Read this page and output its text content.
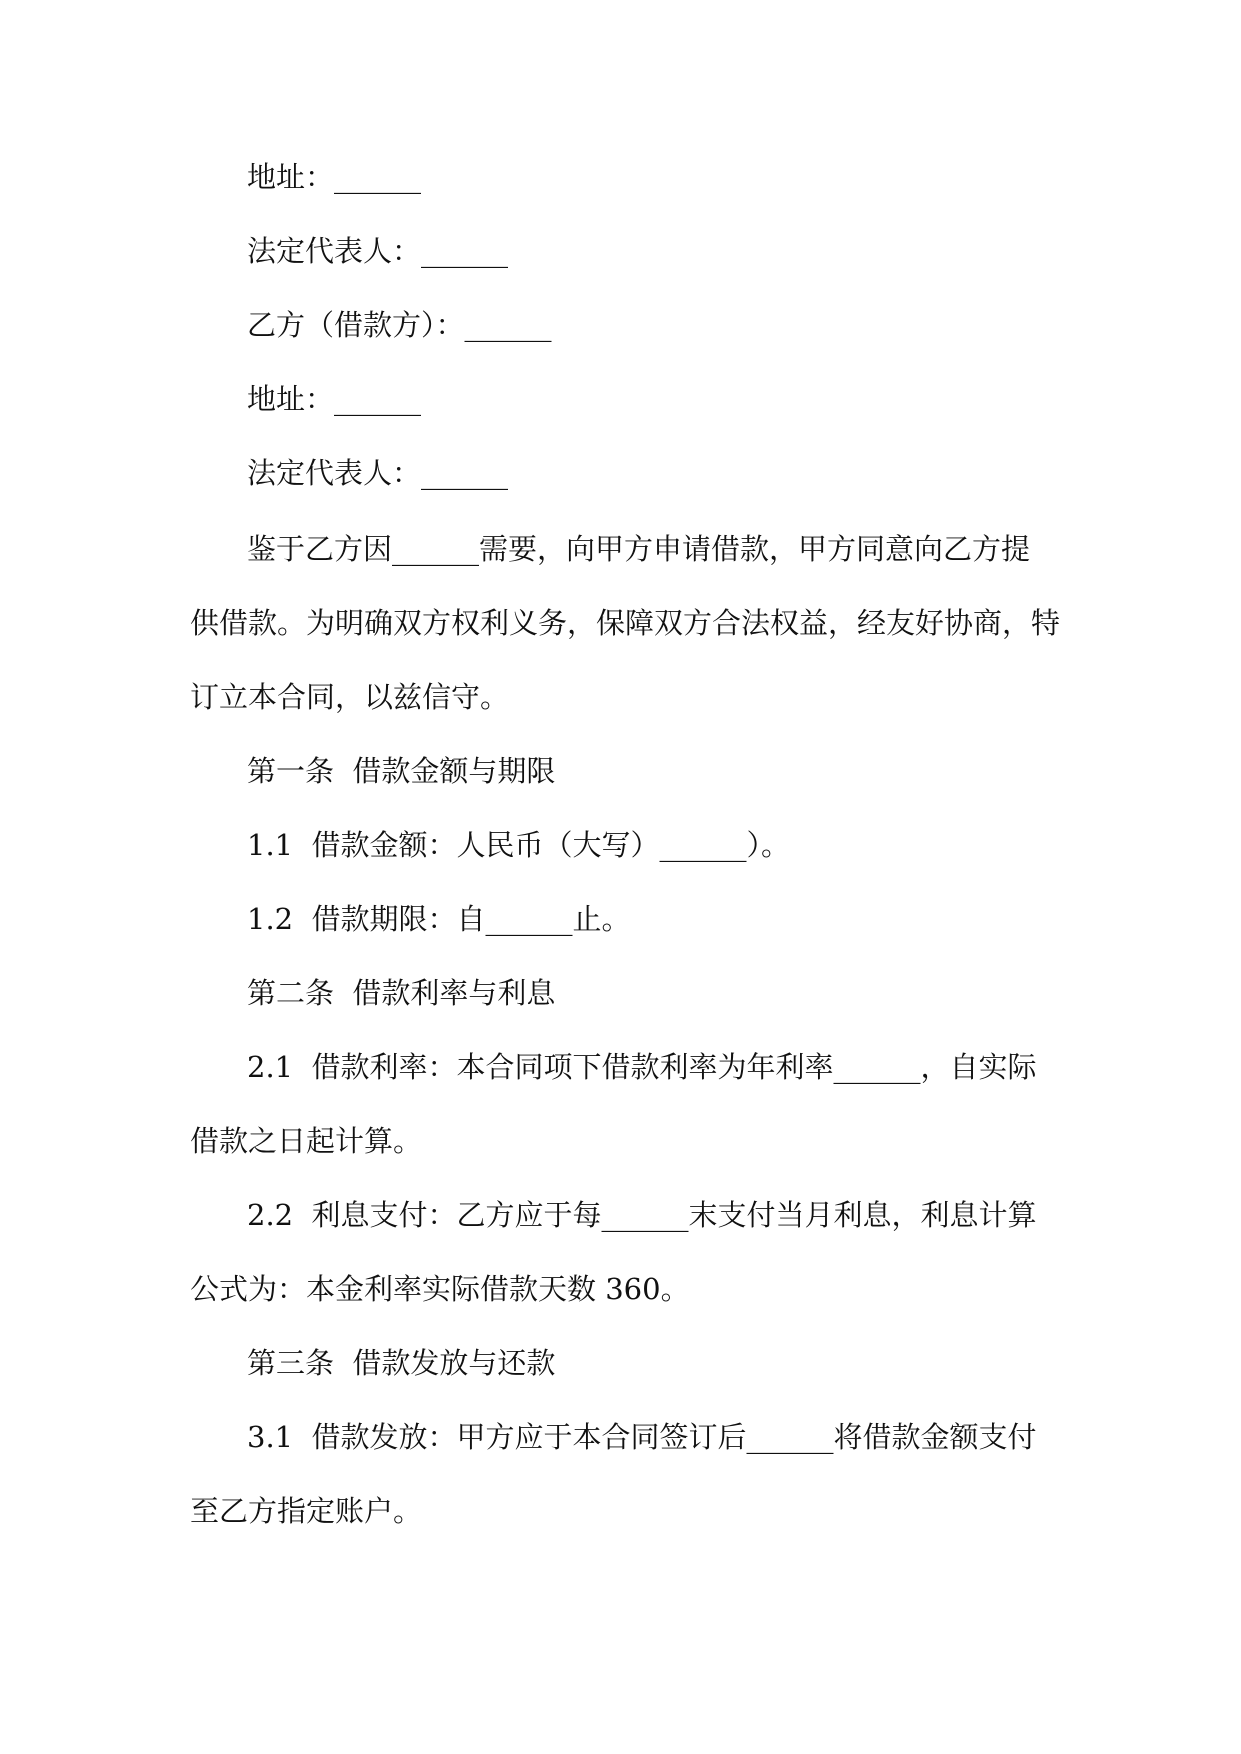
地址：______

法定代表人：______

乙方（借款方）：______

地址：______

法定代表人：______

鉴于乙方因______需要，向甲方申请借款，甲方同意向乙方提
供借款。为明确双方权利义务，保障双方合法权益，经友好协商，特
订立本合同，以兹信守。

第一条  借款金额与期限

1.1  借款金额：人民币（大写）______）。

1.2  借款期限：自______止。

第二条  借款利率与利息

2.1  借款利率：本合同项下借款利率为年利率______，自实际
借款之日起计算。
2.2  利息支付：乙方应于每______末支付当月利息，利息计算
公式为：本金利率实际借款天数 360。

第三条  借款发放与还款

3.1  借款发放：甲方应于本合同签订后______将借款金额支付
至乙方指定账户。
